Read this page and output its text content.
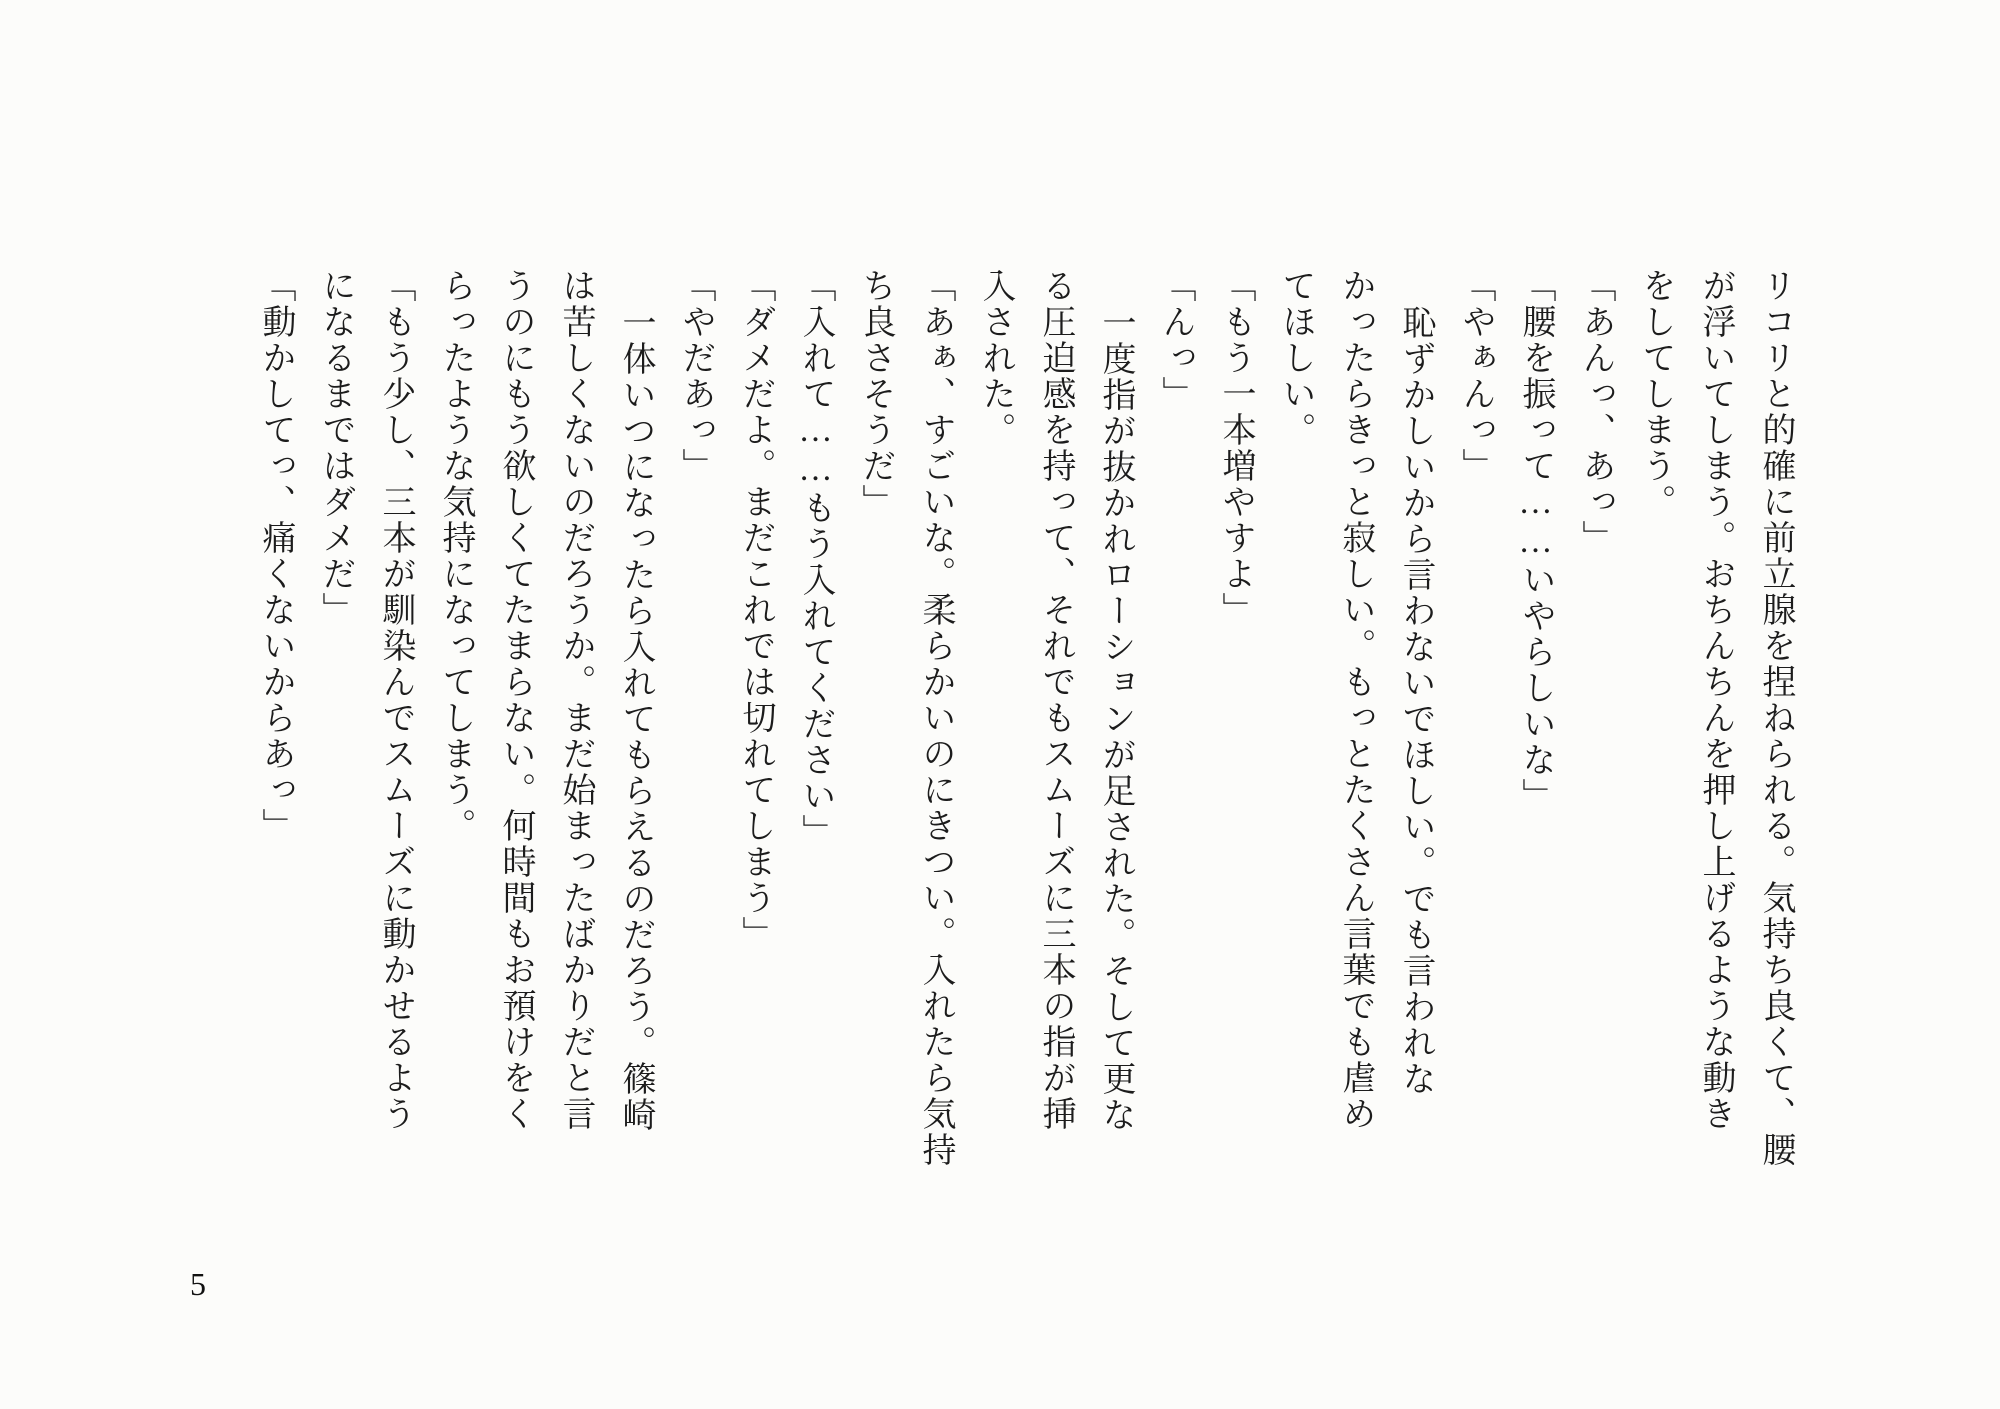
リコリと的確に前立腺を捏ねられる。気持ち良くて、腰
が浮いてしまう。おちんちんを押し上げるような動き
をしてしまう。
「あんっ、あっ」
「腰を振って……いやらしいな」
「やぁんっ」
恥ずかしいから言わないでほしい。でも言われな
かったらきっと寂しい。もっとたくさん言葉でも虐め
てほしい。
「もう一本増やすよ」
「んっ」
一度指が抜かれローションが足された。そして更な
る圧迫感を持って、それでもスムーズに三本の指が挿
入された。
「あぁ、すごいな。柔らかいのにきつい。入れたら気持
ち良さそうだ」
「入れて……もう入れてください」
「ダメだよ。まだこれでは切れてしまう」
「やだあっ」
一体いつになったら入れてもらえるのだろう。篠崎
は苦しくないのだろうか。まだ始まったばかりだと言
うのにもう欲しくてたまらない。何時間もお預けをく
らったような気持になってしまう。
「もう少し、三本が馴染んでスムーズに動かせるよう
になるまではダメだ」
「動かしてっ、痛くないからあっ」
5
